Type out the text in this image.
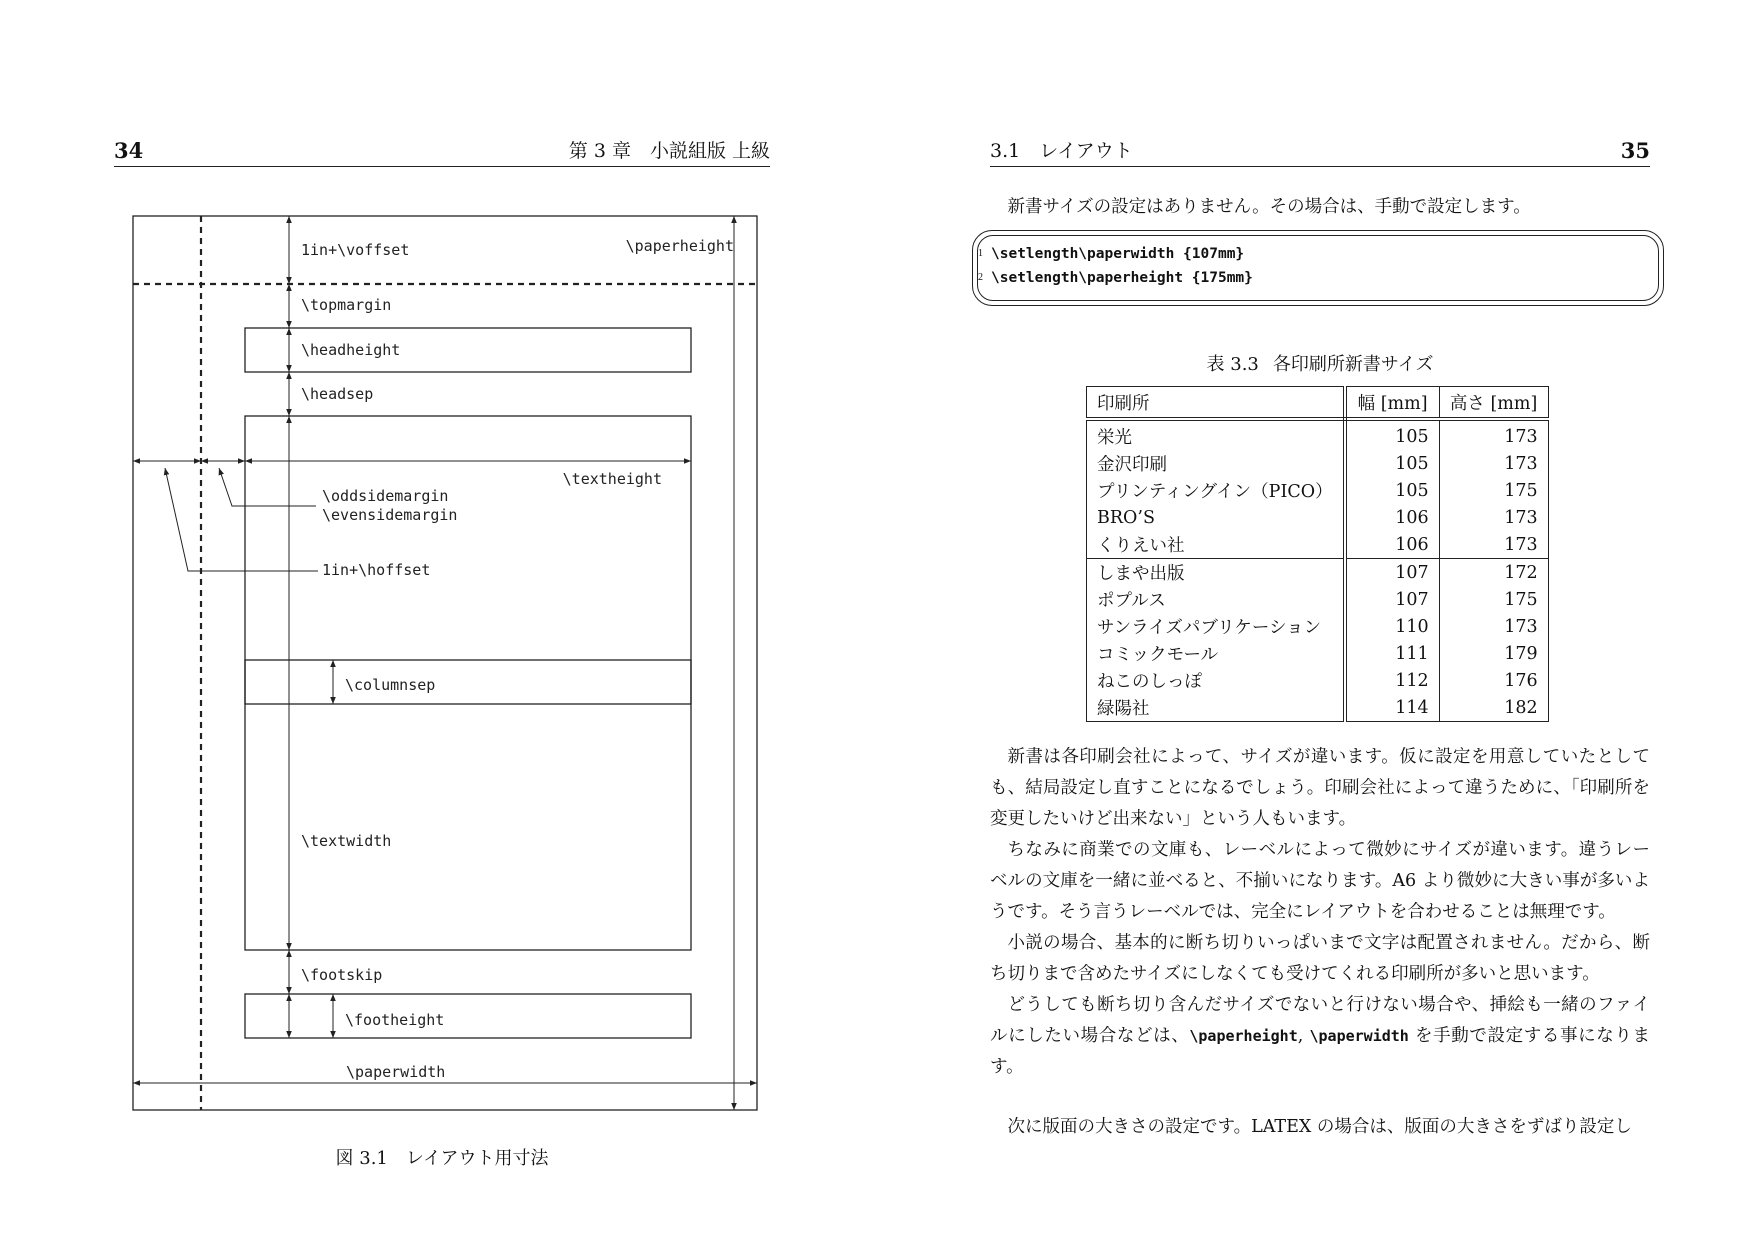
34	第 3 章　小説組版 上級
1in+\voffset	\paperheight
\topmargin
\headheight
\headsep
\textheight
\oddsidemargin
\evensidemargin
1in+\hoffset
\columnsep
\textwidth
\footskip
\footheight
\paperwidth
図 3.1 レイアウト用寸法
3.1　レイアウト	35

新書サイズの設定はありません。その場合は、手動で設定します。

1 \setlength\paperwidth {107mm}
2 \setlength\paperheight {175mm}
表 3.3 各印刷所新書サイズ
印刷所	幅 [mm]	高さ [mm]
栄光	105	173
金沢印刷	105	173
プリンティングイン（PICO）	105	175
BRO’S	106	173
くりえい社	106	173
しまや出版	107	172
ポプルス	107	175
サンライズパブリケーション	110	173
コミックモール	111	179
ねこのしっぽ	112	176
緑陽社	114	182

新書は各印刷会社によって、サイズが違います。仮に設定を用意していたとしても、結局設定し直すことになるでしょう。印刷会社によって違うために、「印刷所を変更したいけど出来ない」という人もいます。

ちなみに商業での文庫も、レーベルによって微妙にサイズが違います。違うレーベルの文庫を一緒に並べると、不揃いになります。A6 より微妙に大きい事が多いようです。そう言うレーベルでは、完全にレイアウトを合わせることは無理です。

小説の場合、基本的に断ち切りいっぱいまで文字は配置されません。だから、断ち切りまで含めたサイズにしなくても受けてくれる印刷所が多いと思います。

どうしても断ち切り含んだサイズでないと行けない場合や、挿絵も一緒のファイルにしたい場合などは、\paperheight, \paperwidth を手動で設定する事になります。

次に版面の大きさの設定です。LATEX の場合は、版面の大きさをずばり設定し
